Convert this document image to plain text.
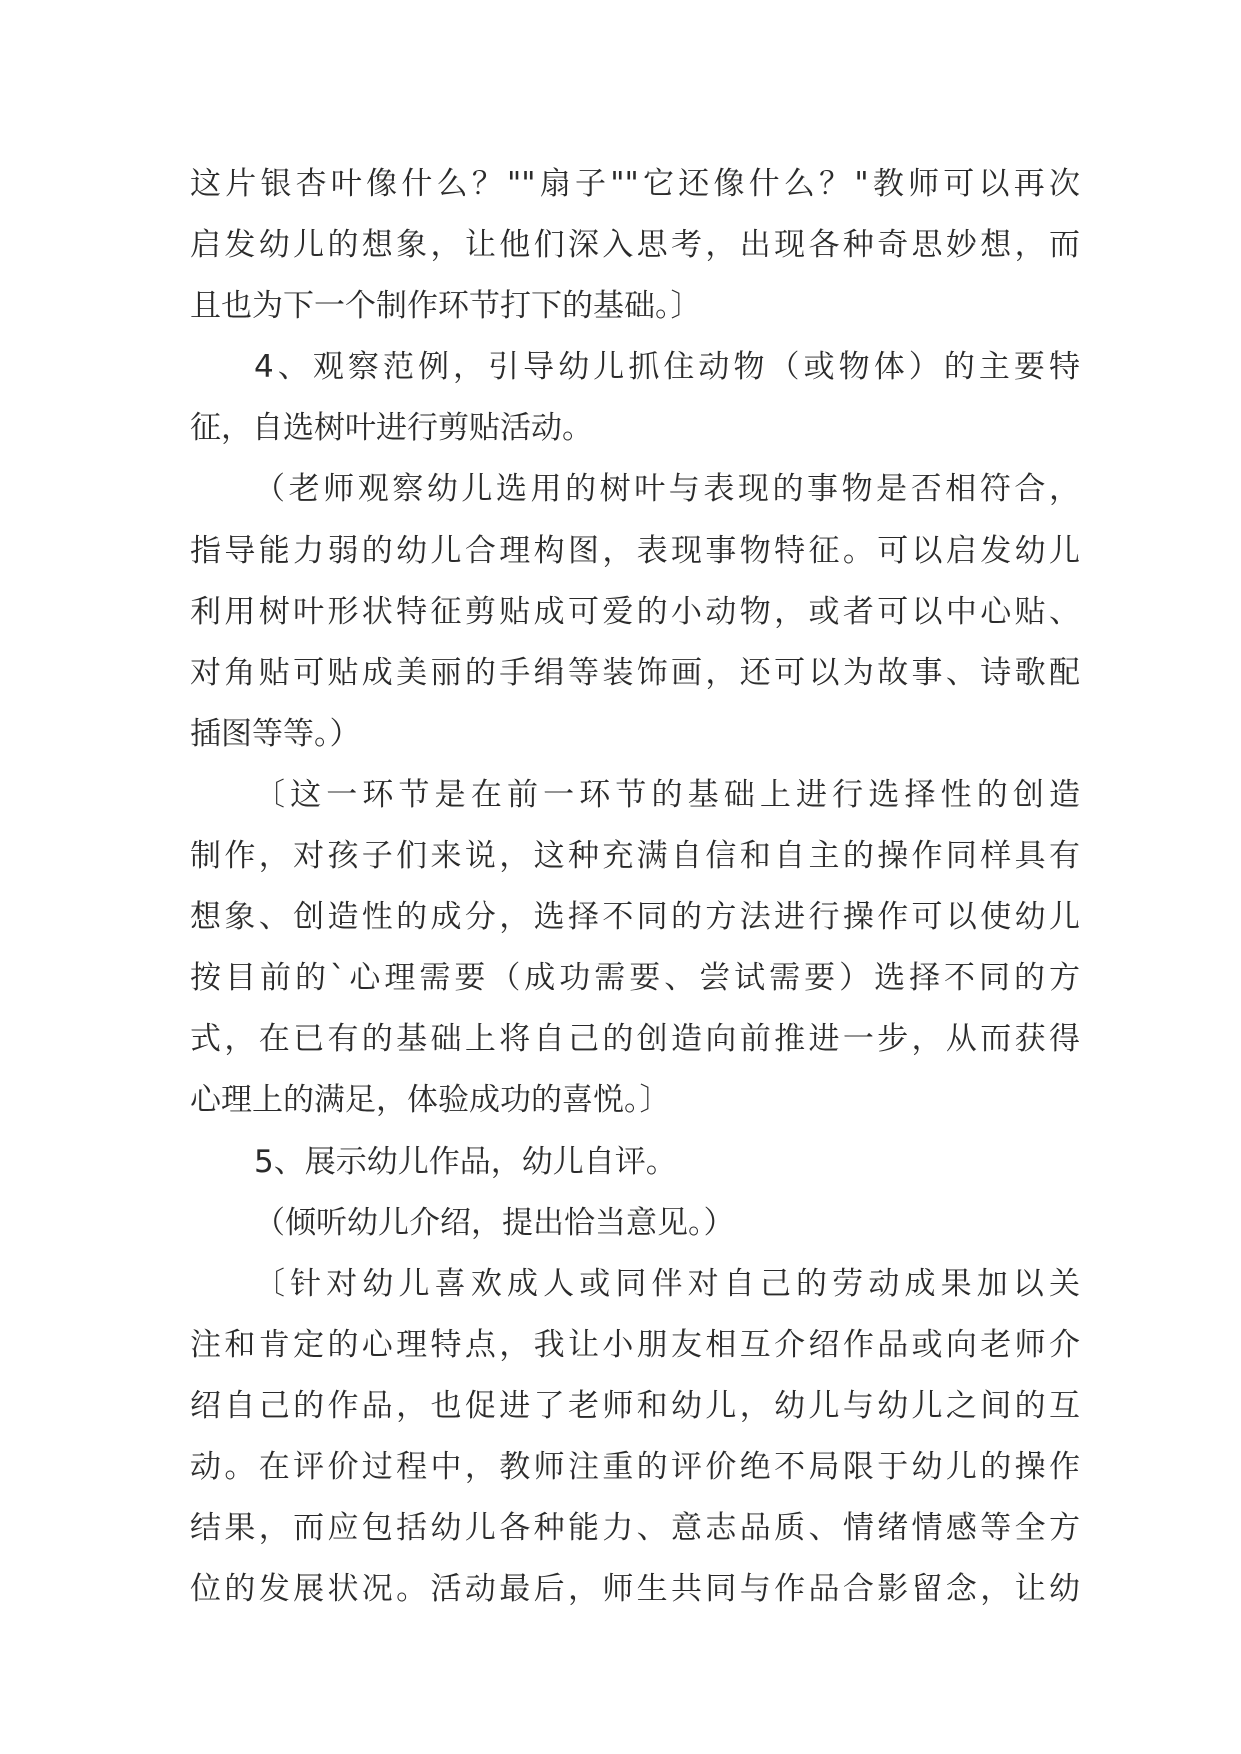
这片银杏叶像什么？""扇子""它还像什么？"教师可以再次
启发幼儿的想象，让他们深入思考，出现各种奇思妙想，而
且也为下一个制作环节打下的基础。〕
4、观察范例，引导幼儿抓住动物（或物体）的主要特
征，自选树叶进行剪贴活动。
（老师观察幼儿选用的树叶与表现的事物是否相符合，
指导能力弱的幼儿合理构图，表现事物特征。可以启发幼儿
利用树叶形状特征剪贴成可爱的小动物，或者可以中心贴、
对角贴可贴成美丽的手绢等装饰画，还可以为故事、诗歌配
插图等等。）
〔这一环节是在前一环节的基础上进行选择性的创造
制作，对孩子们来说，这种充满自信和自主的操作同样具有
想象、创造性的成分，选择不同的方法进行操作可以使幼儿
按目前的`心理需要（成功需要、尝试需要）选择不同的方
式，在已有的基础上将自己的创造向前推进一步，从而获得
心理上的满足，体验成功的喜悦。〕
5、展示幼儿作品，幼儿自评。
（倾听幼儿介绍，提出恰当意见。）
〔针对幼儿喜欢成人或同伴对自己的劳动成果加以关
注和肯定的心理特点，我让小朋友相互介绍作品或向老师介
绍自己的作品，也促进了老师和幼儿，幼儿与幼儿之间的互
动。在评价过程中，教师注重的评价绝不局限于幼儿的操作
结果，而应包括幼儿各种能力、意志品质、情绪情感等全方
位的发展状况。活动最后，师生共同与作品合影留念，让幼
